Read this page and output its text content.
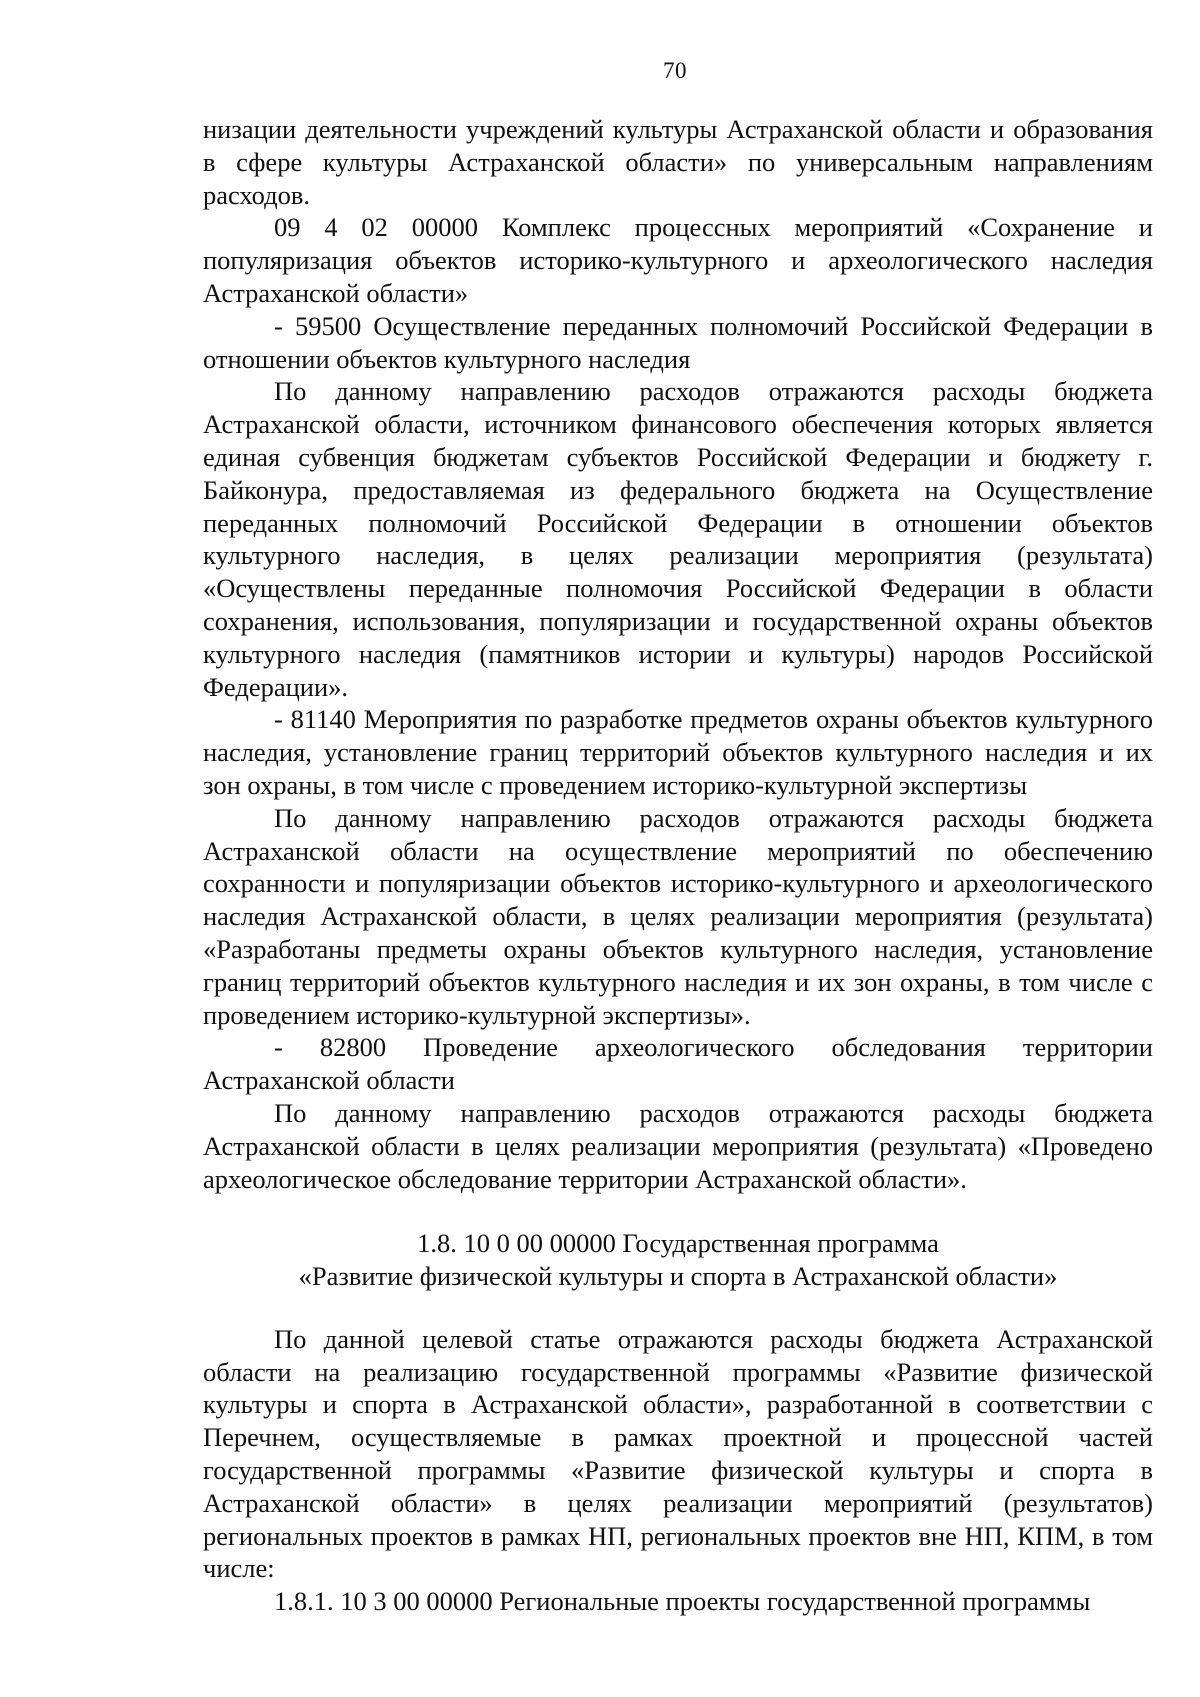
70

низации деятельности учреждений культуры Астраханской области и образования в сфере культуры Астраханской области» по универсальным направлениям расходов.

09 4 02 00000 Комплекс процессных мероприятий «Сохранение и популяризация объектов историко-культурного и археологического наследия Астраханской области»

- 59500 Осуществление переданных полномочий Российской Федерации в отношении объектов культурного наследия

По данному направлению расходов отражаются расходы бюджета Астраханской области, источником финансового обеспечения которых является единая субвенция бюджетам субъектов Российской Федерации и бюджету г. Байконура, предоставляемая из федерального бюджета на Осуществление переданных полномочий Российской Федерации в отношении объектов культурного наследия, в целях реализации мероприятия (результата) «Осуществлены переданные полномочия Российской Федерации в области сохранения, использования, популяризации и государственной охраны объектов культурного наследия (памятников истории и культуры) народов Российской Федерации».

- 81140 Мероприятия по разработке предметов охраны объектов культурного наследия, установление границ территорий объектов культурного наследия и их зон охраны, в том числе с проведением историко-культурной экспертизы

По данному направлению расходов отражаются расходы бюджета Астраханской области на осуществление мероприятий по обеспечению сохранности и популяризации объектов историко-культурного и археологического наследия Астраханской области, в целях реализации мероприятия (результата) «Разработаны предметы охраны объектов культурного наследия, установление границ территорий объектов культурного наследия и их зон охраны, в том числе с проведением историко-культурной экспертизы».

- 82800 Проведение археологического обследования территории Астраханской области

По данному направлению расходов отражаются расходы бюджета Астраханской области в целях реализации мероприятия (результата) «Проведено археологическое обследование территории Астраханской области».

1.8. 10 0 00 00000 Государственная программа
«Развитие физической культуры и спорта в Астраханской области»

По данной целевой статье отражаются расходы бюджета Астраханской области на реализацию государственной программы «Развитие физической культуры и спорта в Астраханской области», разработанной в соответствии с Перечнем, осуществляемые в рамках проектной и процессной частей государственной программы «Развитие физической культуры и спорта в Астраханской области» в целях реализации мероприятий (результатов) региональных проектов в рамках НП, региональных проектов вне НП, КПМ, в том числе:

1.8.1. 10 3 00 00000 Региональные проекты государственной программы
